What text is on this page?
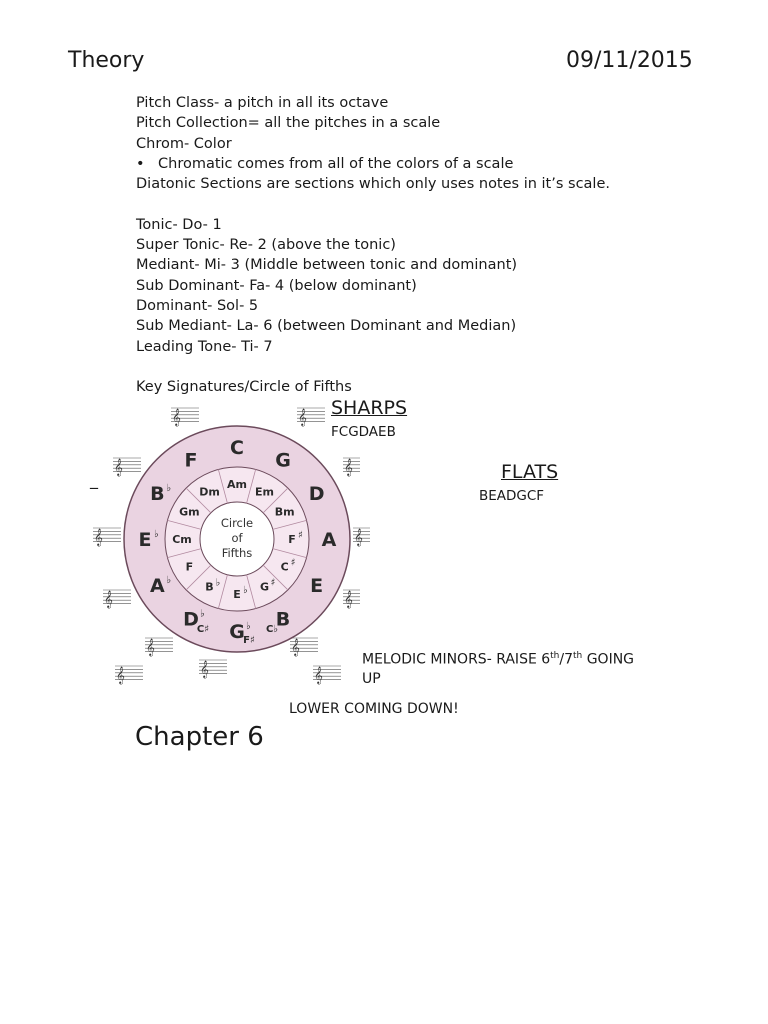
Theory	09/11/2015
Pitch Class- a pitch in all its octave
Pitch Collection= all the pitches in a scale
Chrom- Color
• Chromatic comes from all of the colors of a scale
Diatonic Sections are sections which only uses notes in it’s scale.
Tonic- Do- 1
Super Tonic- Re- 2 (above the tonic)
Mediant- Mi- 3 (Middle between tonic and dominant)
Sub Dominant- Fa- 4 (below dominant)
Dominant- Sol- 5
Sub Mediant- La- 6 (between Dominant and Median)
Leading Tone- Ti- 7
Key Signatures/Circle of Fifths
𝄞	𝄞
𝄞	𝄞
𝄞	𝄞
𝄞	𝄞
𝄞	𝄞
𝄞	𝄞	𝄞
C
G
D
A
E
B
G ♭
D ♭
A ♭
E ♭
B ♭
F
Am
Em
Bm
F ♯
C ♯
G ♯
E ♭
B ♭
F
Cm
Gm
Dm
C♯
F♯
C♭
Circle
of
Fifths
SHARPS
FCGDAEB
_	FLATS
BEADGCF
MELODIC MINORS- RAISE 6th/7th GOING
UP
LOWER COMING DOWN!
Chapter 6
